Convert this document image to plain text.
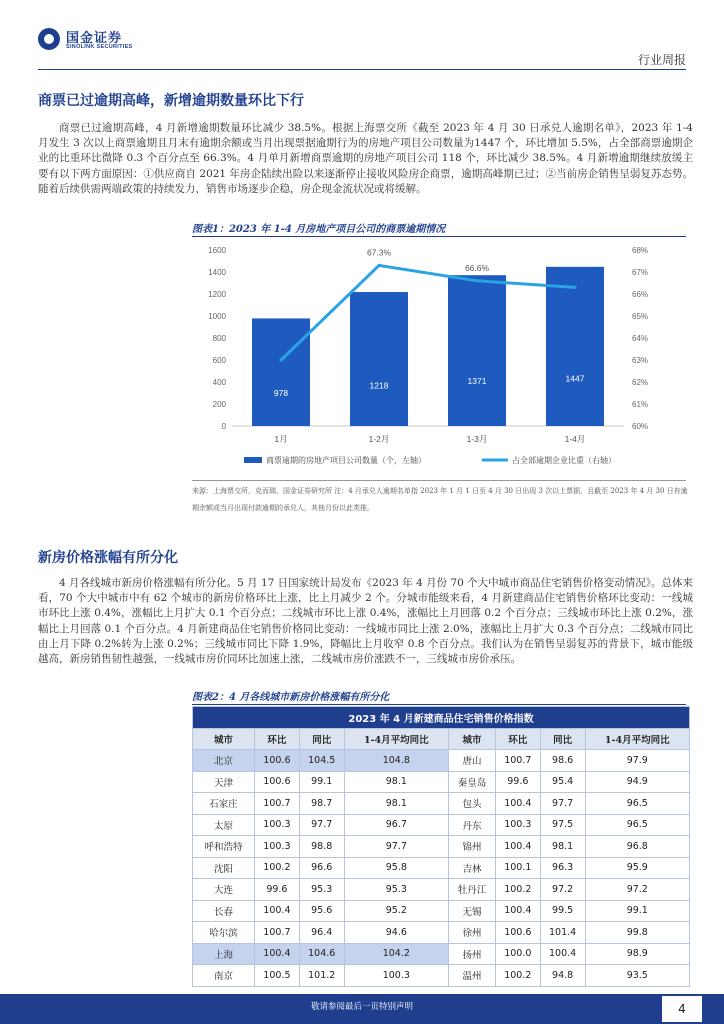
国金证券
SINOLINK SECURITIES
行业周报
商票已过逾期高峰，新增逾期数量环比下行
商票已过逾期高峰，4 月新增逾期数量环比减少 38.5%。根据上海票交所《截至 2023 年 4 月 30 日承兑人逾期名单》，2023 年 1-4 月发生 3 次以上商票逾期且月末有逾期余额或当月出现票据逾期行为的房地产项目公司数量为1447 个，环比增加 5.5%，占全部商票逾期企业的比重环比微降 0.3 个百分点至 66.3%。4 月单月新增商票逾期的房地产项目公司 118 个，环比减少 38.5%。4 月新增逾期继续放缓主要有以下两方面原因：①供应商自 2021 年房企陆续出险以来逐渐停止接收风险房企商票，逾期高峰期已过；②当前房企销售呈弱复苏态势。随着后续供需两端政策的持续发力，销售市场逐步企稳，房企现金流状况或将缓解。
图表1：2023 年 1-4 月房地产项目公司的商票逾期情况
0
200
400
600
800
1000
1200
1400
1600
60%
61%
62%
63%
64%
65%
66%
67%
68%
978
1月
1218
1-2月
1371
1-3月
1447
1-4月
67.3%
66.6%
商票逾期的房地产项目公司数量（个，左轴）	占全部逾期企业比重（右轴）
来源：上海票交所，克而瑞，国金证券研究所 注：4 月承兑人逾期名单指 2023 年 1 月 1 日至 4 月 30 日出现 3 次以上票据，且截至 2023 年 4 月 30 日有逾期余额或当月出现付款逾期的承兑人，其他月份以此类推。
新房价格涨幅有所分化
4 月各线城市新房价格涨幅有所分化。5 月 17 日国家统计局发布《2023 年 4 月份 70 个大中城市商品住宅销售价格变动情况》。总体来看，70 个大中城市中有 62 个城市的新房价格环比上涨，比上月减少 2 个。分城市能级来看，4 月新建商品住宅销售价格环比变动：一线城市环比上涨 0.4%，涨幅比上月扩大 0.1 个百分点；二线城市环比上涨 0.4%，涨幅比上月回落 0.2 个百分点；三线城市环比上涨 0.2%，涨幅比上月回落 0.1 个百分点。4 月新建商品住宅销售价格同比变动：一线城市同比上涨 2.0%，涨幅比上月扩大 0.3 个百分点；二线城市同比由上月下降 0.2%转为上涨 0.2%；三线城市同比下降 1.9%，降幅比上月收窄 0.8 个百分点。我们认为在销售呈弱复苏的背景下，城市能级越高，新房销售韧性越强，一线城市房价同环比加速上涨，二线城市房价涨跌不一，三线城市房价承压。
图表2：4 月各线城市新房价格涨幅有所分化
2023 年 4 月新建商品住宅销售价格指数							
城市	环比	同比	1-4月平均同比	城市	环比	同比	1-4月平均同比
北京	100.6	104.5	104.8	唐山	100.7	98.6	97.9
天津	100.6	99.1	98.1	秦皇岛	99.6	95.4	94.9
石家庄	100.7	98.7	98.1	包头	100.4	97.7	96.5
太原	100.3	97.7	96.7	丹东	100.3	97.5	96.5
呼和浩特	100.3	98.8	97.7	锦州	100.4	98.1	96.8
沈阳	100.2	96.6	95.8	吉林	100.1	96.3	95.9
大连	99.6	95.3	95.3	牡丹江	100.2	97.2	97.2
长春	100.4	95.6	95.2	无锡	100.4	99.5	99.1
哈尔滨	100.7	96.4	94.6	徐州	100.6	101.4	99.8
上海	100.4	104.6	104.2	扬州	100.0	100.4	98.9
南京	100.5	101.2	100.3	温州	100.2	94.8	93.5
敬请参阅最后一页特别声明	4
